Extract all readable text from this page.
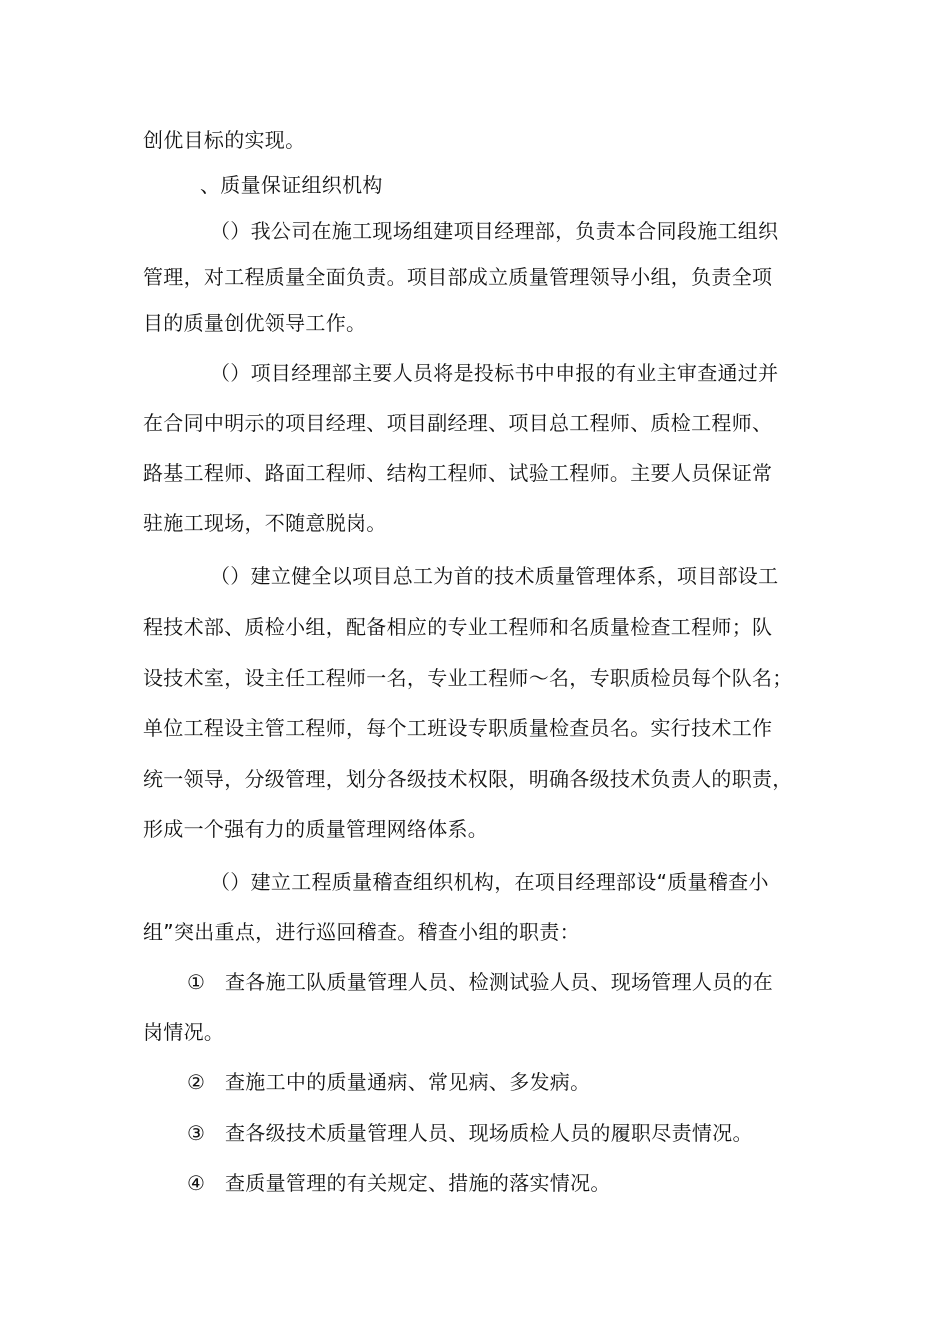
创优目标的实现。
、质量保证组织机构
（）我公司在施工现场组建项目经理部，负责本合同段施工组织
管理，对工程质量全面负责。项目部成立质量管理领导小组，负责全项
目的质量创优领导工作。
（）项目经理部主要人员将是投标书中申报的有业主审查通过并
在合同中明示的项目经理、项目副经理、项目总工程师、质检工程师、
路基工程师、路面工程师、结构工程师、试验工程师。主要人员保证常
驻施工现场，不随意脱岗。
（）建立健全以项目总工为首的技术质量管理体系，项目部设工
程技术部、质检小组，配备相应的专业工程师和名质量检查工程师；队
设技术室，设主任工程师一名，专业工程师～名，专职质检员每个队名；
单位工程设主管工程师，每个工班设专职质量检查员名。实行技术工作
统一领导，分级管理，划分各级技术权限，明确各级技术负责人的职责，
形成一个强有力的质量管理网络体系。
（）建立工程质量稽查组织机构，在项目经理部设“质量稽查小
组”突出重点，进行巡回稽查。稽查小组的职责：
① 查各施工队质量管理人员、检测试验人员、现场管理人员的在
岗情况。
② 查施工中的质量通病、常见病、多发病。
③ 查各级技术质量管理人员、现场质检人员的履职尽责情况。
④ 查质量管理的有关规定、措施的落实情况。
